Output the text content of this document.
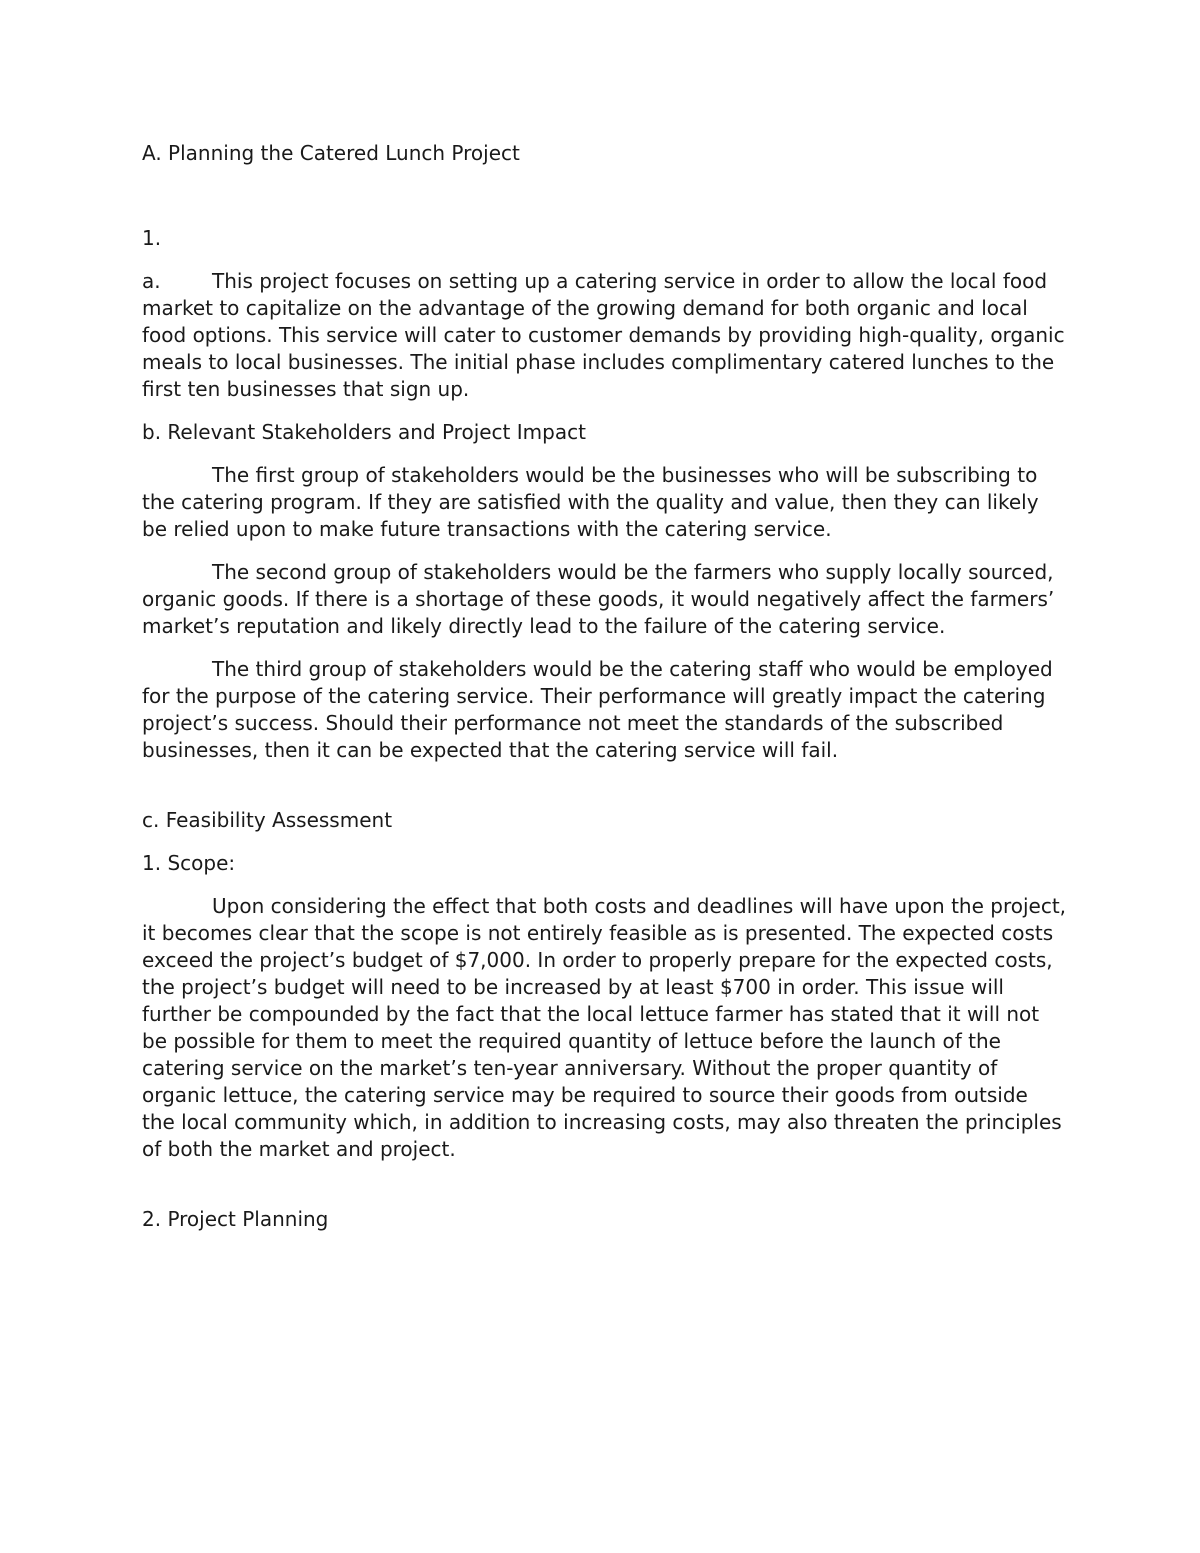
A. Planning the Catered Lunch Project

1.

a.	This project focuses on setting up a catering service in order to allow the local food market to capitalize on the advantage of the growing demand for both organic and local food options. This service will cater to customer demands by providing high-quality, organic meals to local businesses. The initial phase includes complimentary catered lunches to the first ten businesses that sign up.

b. Relevant Stakeholders and Project Impact

The first group of stakeholders would be the businesses who will be subscribing to the catering program. If they are satisfied with the quality and value, then they can likely be relied upon to make future transactions with the catering service.

The second group of stakeholders would be the farmers who supply locally sourced, organic goods. If there is a shortage of these goods, it would negatively affect the farmers’ market’s reputation and likely directly lead to the failure of the catering service.

The third group of stakeholders would be the catering staff who would be employed for the purpose of the catering service. Their performance will greatly impact the catering project’s success. Should their performance not meet the standards of the subscribed businesses, then it can be expected that the catering service will fail.

c. Feasibility Assessment

1. Scope:

Upon considering the effect that both costs and deadlines will have upon the project, it becomes clear that the scope is not entirely feasible as is presented. The expected costs exceed the project’s budget of $7,000. In order to properly prepare for the expected costs, the project’s budget will need to be increased by at least $700 in order. This issue will further be compounded by the fact that the local lettuce farmer has stated that it will not be possible for them to meet the required quantity of lettuce before the launch of the catering service on the market’s ten-year anniversary. Without the proper quantity of organic lettuce, the catering service may be required to source their goods from outside the local community which, in addition to increasing costs, may also threaten the principles of both the market and project.

2. Project Planning
